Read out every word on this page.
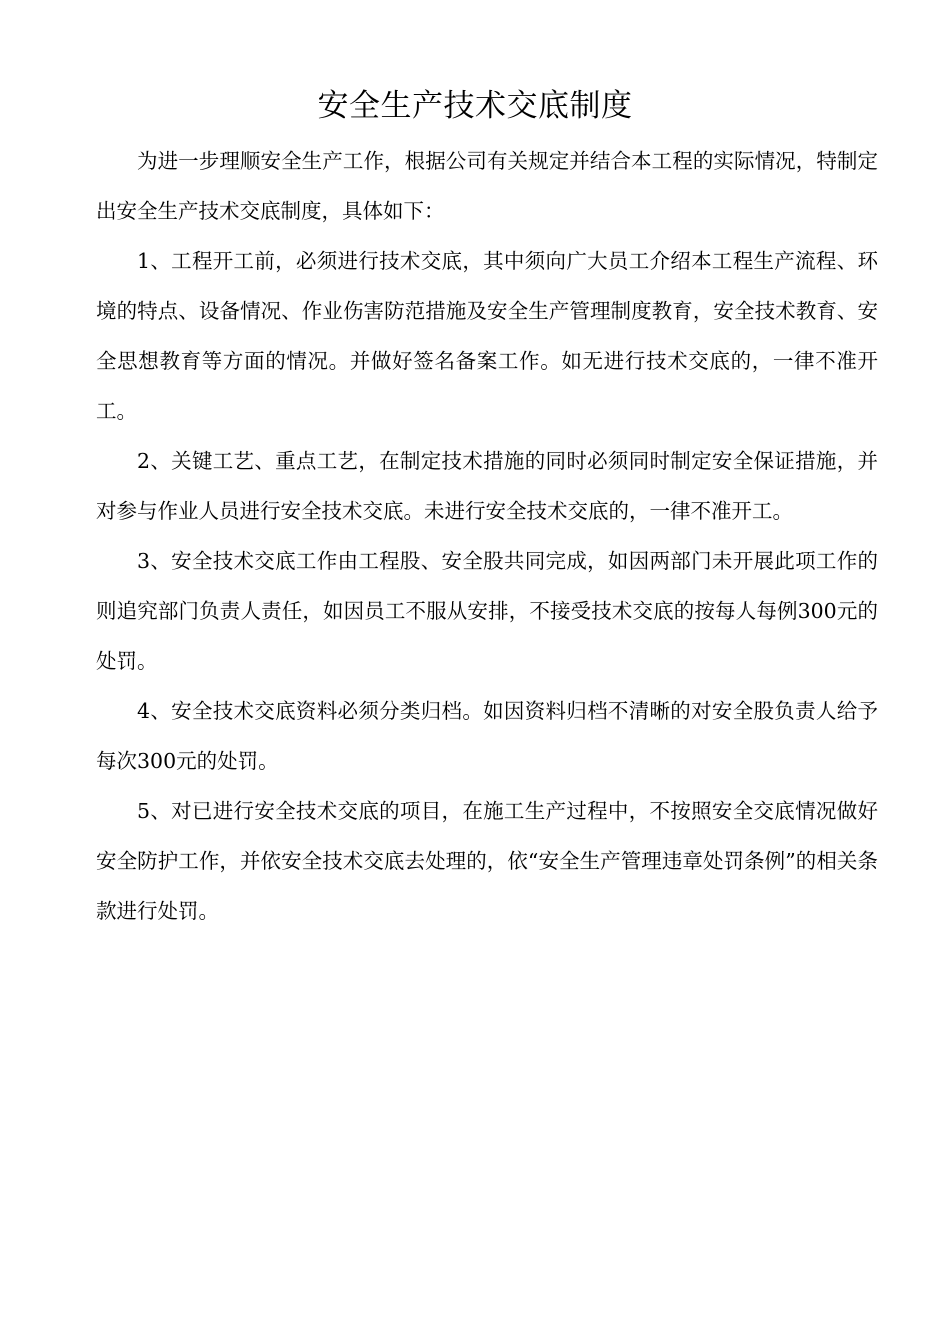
安全生产技术交底制度

为进一步理顺安全生产工作，根据公司有关规定并结合本工程的实际情况，特制定出安全生产技术交底制度，具体如下：

1、工程开工前，必须进行技术交底，其中须向广大员工介绍本工程生产流程、环境的特点、设备情况、作业伤害防范措施及安全生产管理制度教育，安全技术教育、安全思想教育等方面的情况。并做好签名备案工作。如无进行技术交底的，一律不准开工。

2、关键工艺、重点工艺，在制定技术措施的同时必须同时制定安全保证措施，并对参与作业人员进行安全技术交底。未进行安全技术交底的，一律不准开工。

3、安全技术交底工作由工程股、安全股共同完成，如因两部门未开展此项工作的则追究部门负责人责任，如因员工不服从安排，不接受技术交底的按每人每例300元的处罚。

4、安全技术交底资料必须分类归档。如因资料归档不清晰的对安全股负责人给予每次300元的处罚。

5、对已进行安全技术交底的项目，在施工生产过程中，不按照安全交底情况做好安全防护工作，并依安全技术交底去处理的，依“安全生产管理违章处罚条例”的相关条款进行处罚。
